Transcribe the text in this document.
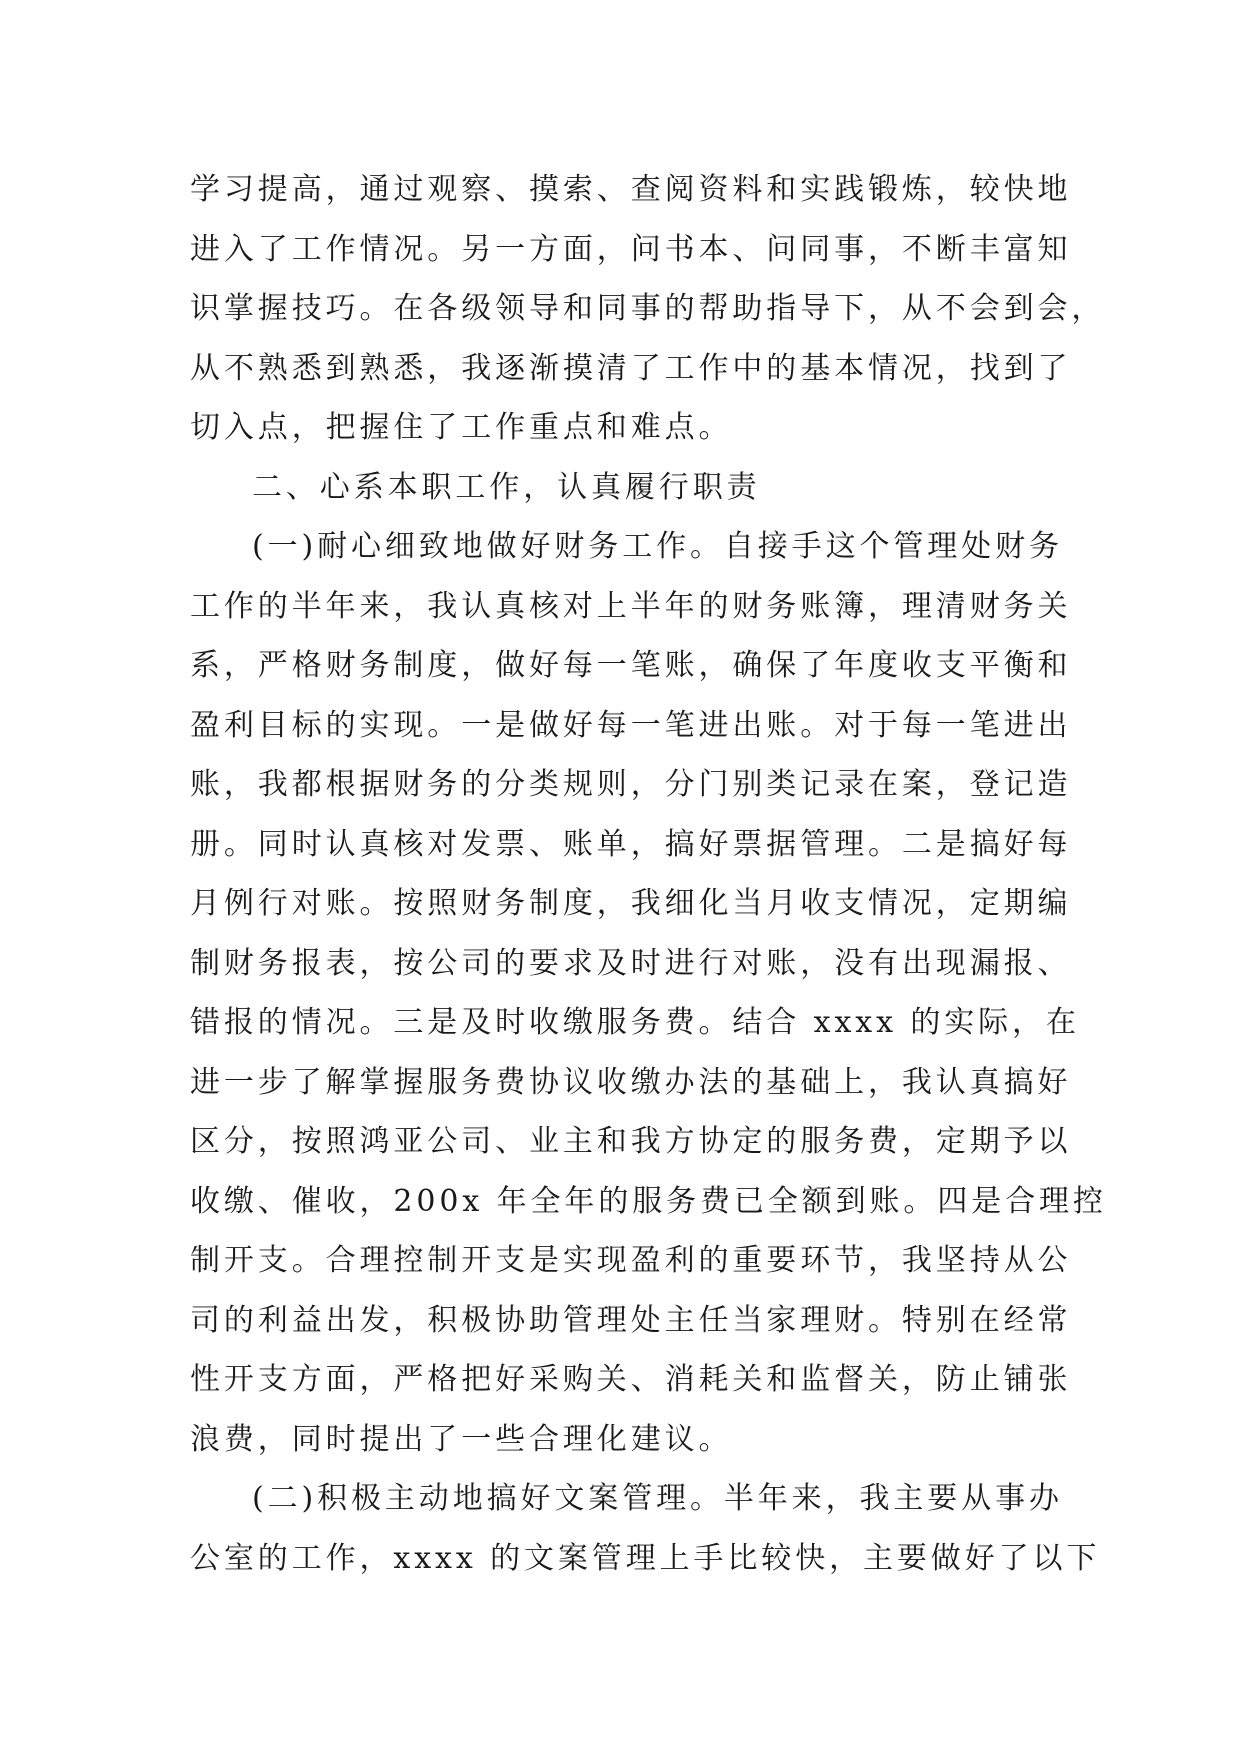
学习提高，通过观察、摸索、查阅资料和实践锻炼，较快地
进入了工作情况。另一方面，问书本、问同事，不断丰富知
识掌握技巧。在各级领导和同事的帮助指导下，从不会到会，
从不熟悉到熟悉，我逐渐摸清了工作中的基本情况，找到了
切入点，把握住了工作重点和难点。
二、心系本职工作，认真履行职责
(一)耐心细致地做好财务工作。自接手这个管理处财务
工作的半年来，我认真核对上半年的财务账簿，理清财务关
系，严格财务制度，做好每一笔账，确保了年度收支平衡和
盈利目标的实现。一是做好每一笔进出账。对于每一笔进出
账，我都根据财务的分类规则，分门别类记录在案，登记造
册。同时认真核对发票、账单，搞好票据管理。二是搞好每
月例行对账。按照财务制度，我细化当月收支情况，定期编
制财务报表，按公司的要求及时进行对账，没有出现漏报、
错报的情况。三是及时收缴服务费。结合 xxxx 的实际，在
进一步了解掌握服务费协议收缴办法的基础上，我认真搞好
区分，按照鸿亚公司、业主和我方协定的服务费，定期予以
收缴、催收，200x 年全年的服务费已全额到账。四是合理控
制开支。合理控制开支是实现盈利的重要环节，我坚持从公
司的利益出发，积极协助管理处主任当家理财。特别在经常
性开支方面，严格把好采购关、消耗关和监督关，防止铺张
浪费，同时提出了一些合理化建议。
(二)积极主动地搞好文案管理。半年来，我主要从事办
公室的工作，xxxx 的文案管理上手比较快，主要做好了以下
